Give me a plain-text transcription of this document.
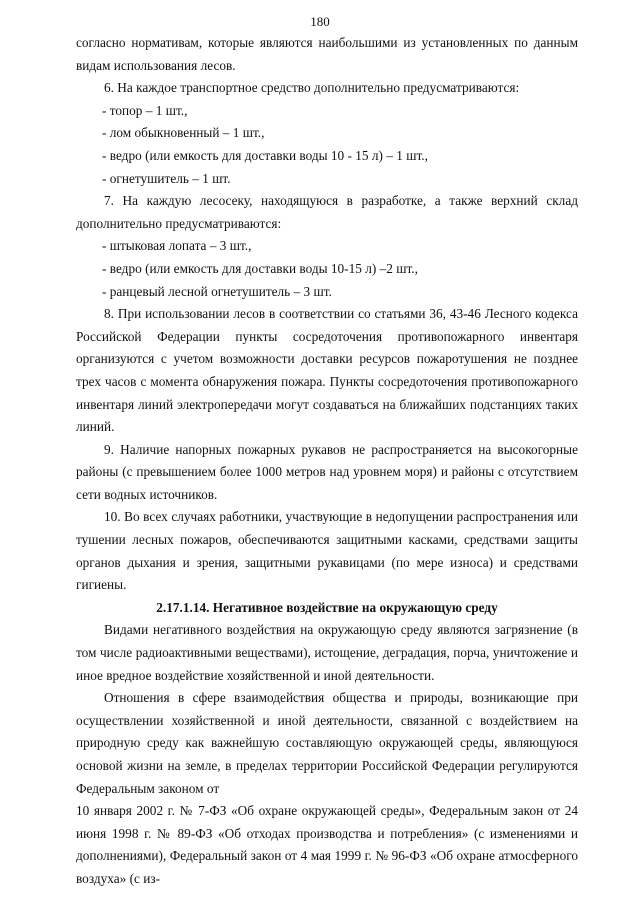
180

согласно нормативам, которые являются наибольшими из установленных по данным видам использования лесов.

6. На каждое транспортное средство дополнительно предусматриваются:

- топор – 1 шт.,

- лом обыкновенный – 1 шт.,

- ведро (или емкость для доставки воды 10 - 15 л) – 1 шт.,

- огнетушитель – 1 шт.

7. На каждую лесосеку, находящуюся в разработке, а также верхний склад дополнительно предусматриваются:

- штыковая лопата – 3 шт.,

- ведро (или емкость для доставки воды 10-15 л) –2 шт.,

- ранцевый лесной огнетушитель – 3 шт.

8. При использовании лесов в соответствии со статьями 36, 43-46 Лесного кодекса Российской Федерации пункты сосредоточения противопожарного инвентаря организуются с учетом возможности доставки ресурсов пожаротушения не позднее трех часов с момента обнаружения пожара. Пункты сосредоточения противопожарного инвентаря линий электропередачи могут создаваться на ближайших подстанциях таких линий.

9. Наличие напорных пожарных рукавов не распространяется на высокогорные районы (с превышением более 1000 метров над уровнем моря) и районы с отсутствием сети водных источников.

10. Во всех случаях работники, участвующие в недопущении распространения или тушении лесных пожаров, обеспечиваются защитными касками, средствами защиты органов дыхания и зрения, защитными рукавицами (по мере износа) и средствами гигиены.

2.17.1.14. Негативное воздействие на окружающую среду

Видами негативного воздействия на окружающую среду являются загрязнение (в том числе радиоактивными веществами), истощение, деградация, порча, уничтожение и иное вредное воздействие хозяйственной и иной деятельности.

Отношения в сфере взаимодействия общества и природы, возникающие при осуществлении хозяйственной и иной деятельности, связанной с воздействием на природную среду как важнейшую составляющую окружающей среды, являющуюся основой жизни на земле, в пределах территории Российской Федерации регулируются Федеральным законом от

10 января 2002 г. № 7-ФЗ «Об охране окружающей среды», Федеральным закон от 24 июня 1998 г. № 89-ФЗ «Об отходах производства и потребления» (с изменениями и дополнениями), Федеральный закон от 4 мая 1999 г. № 96-ФЗ «Об охране атмосферного воздуха» (с из-
